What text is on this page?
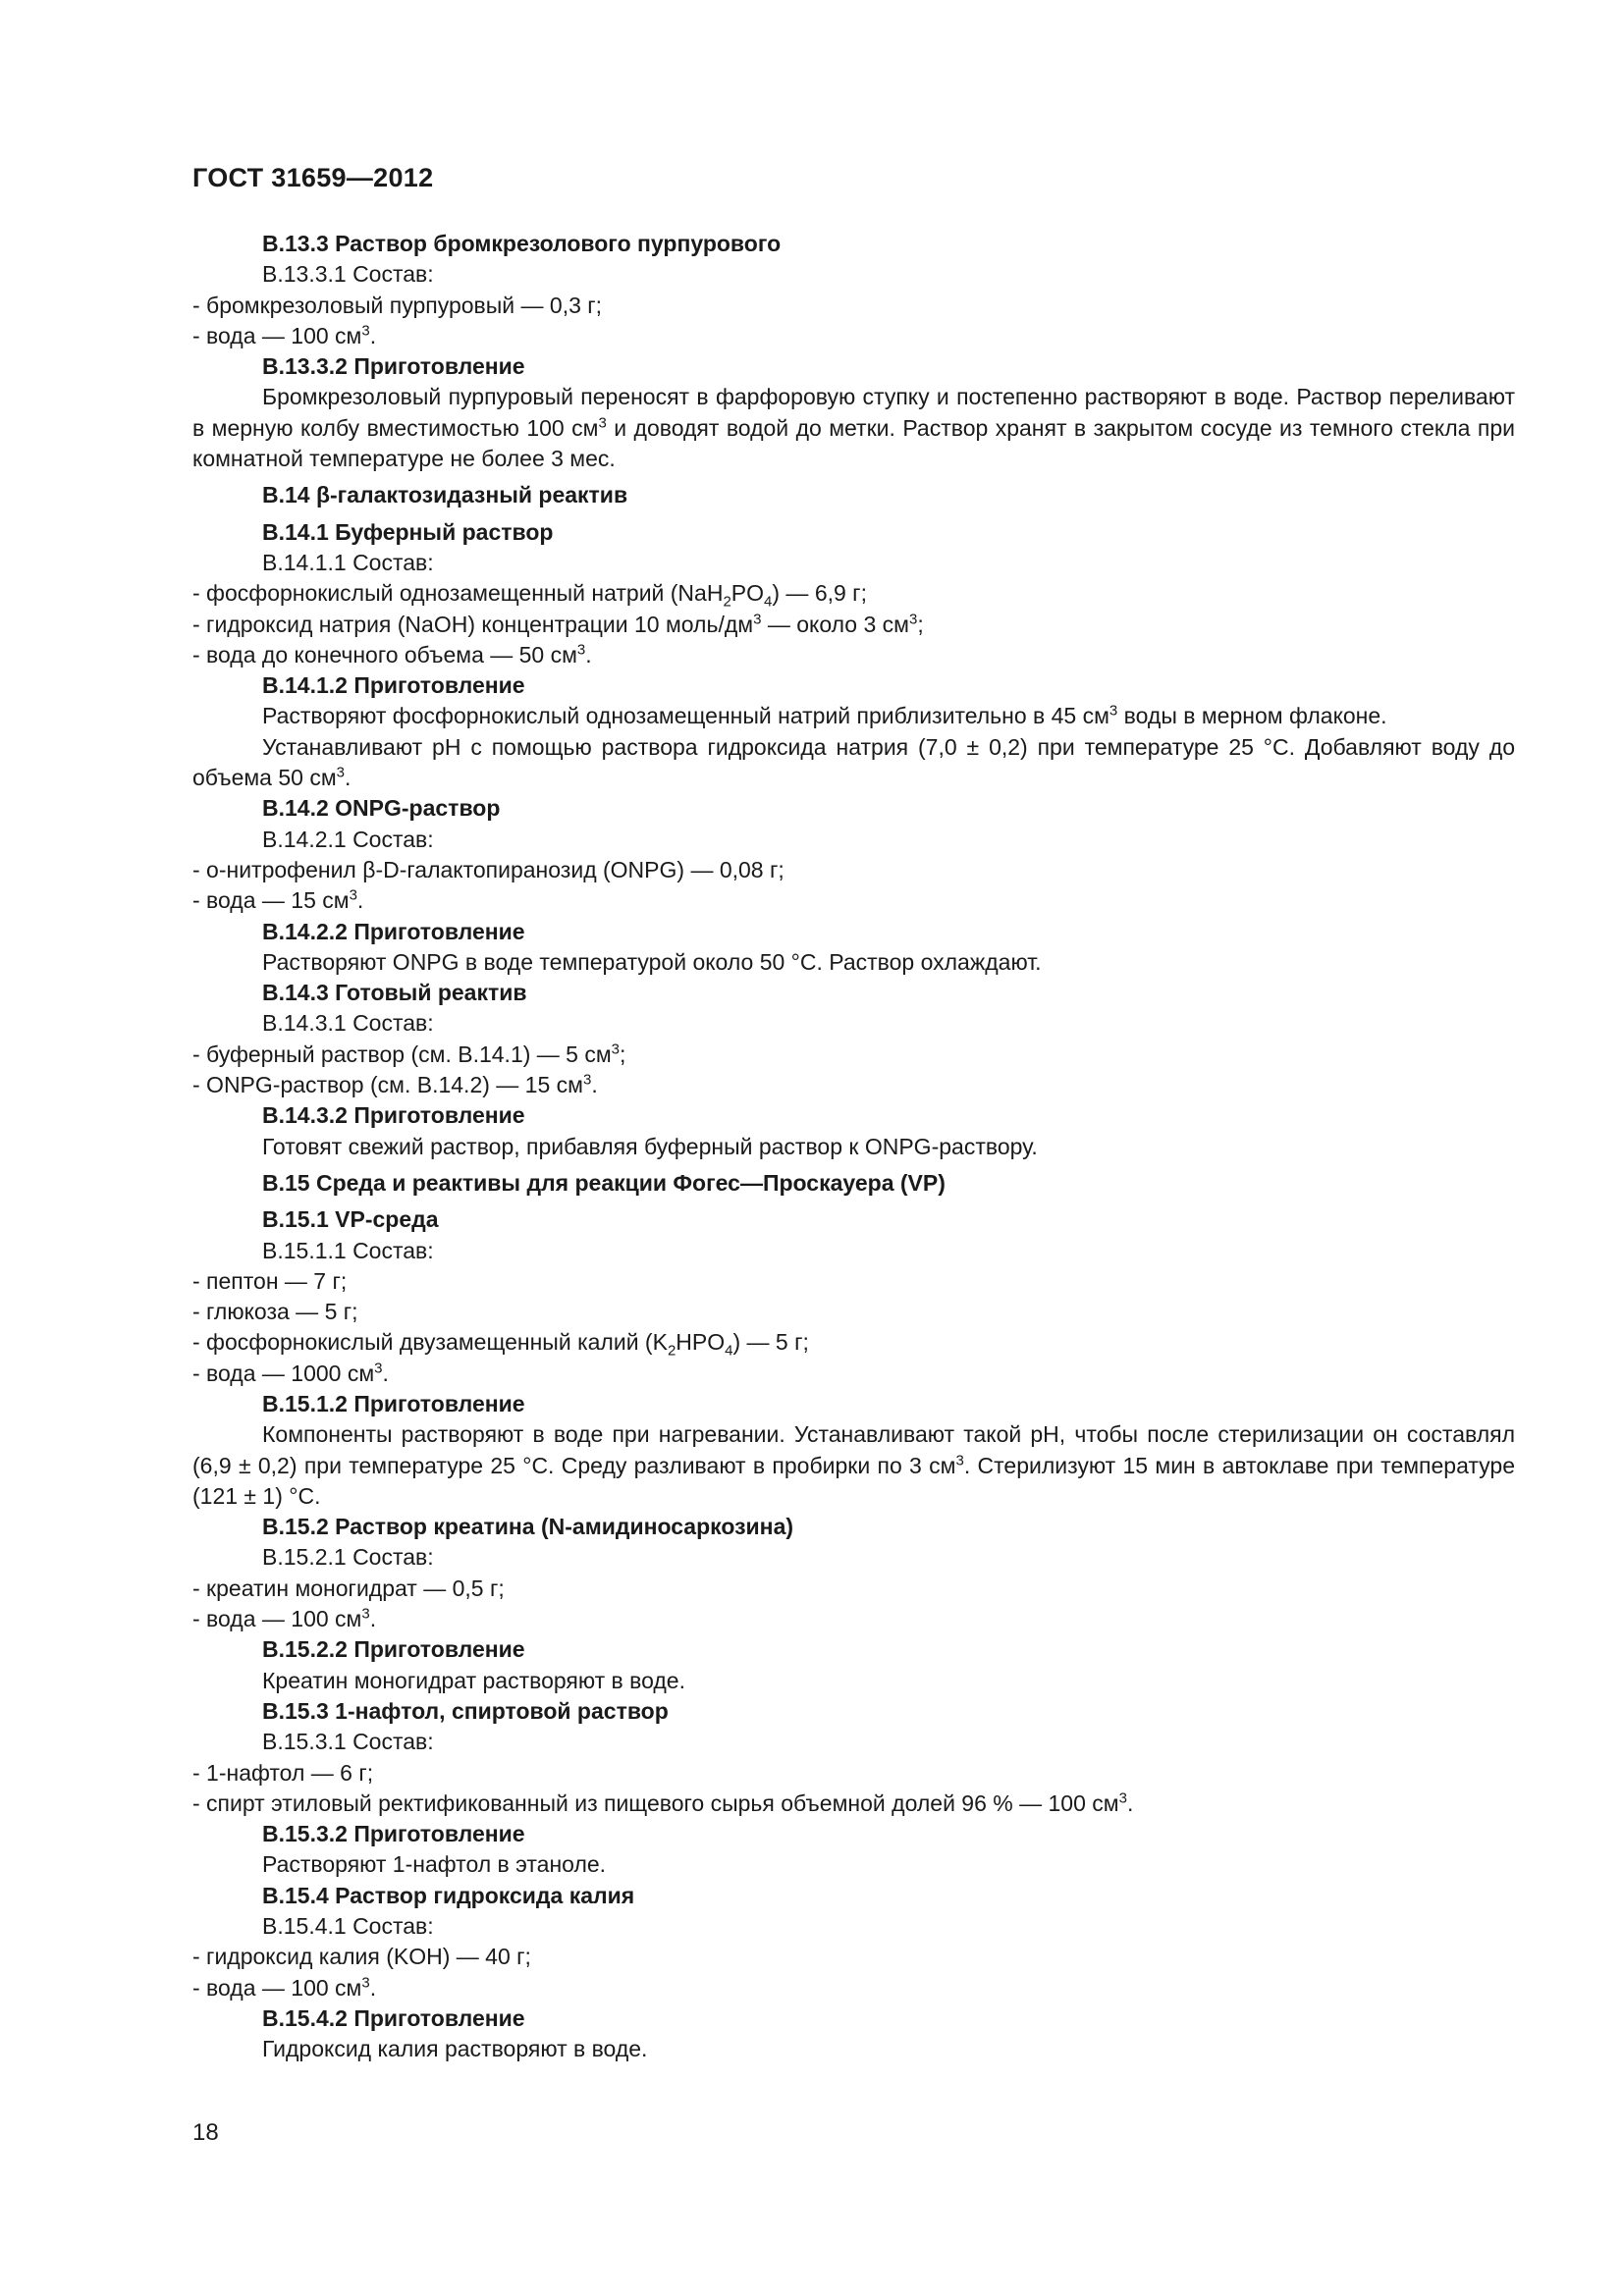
ГОСТ 31659—2012
В.13.3 Раствор бромкрезолового пурпурового
В.13.3.1 Состав:
- бромкрезоловый пурпуровый — 0,3 г;
- вода — 100 $см^3$.
В.13.3.2 Приготовление
Бромкрезоловый пурпуровый переносят в фарфоровую ступку и постепенно растворяют в воде. Раствор переливают в мерную колбу вместимостью 100 $см^3$ и доводят водой до метки. Раствор хранят в закрытом сосуде из темного стекла при комнатной температуре не более 3 мес.
В.14 β-галактозидазный реактив
В.14.1 Буферный раствор
В.14.1.1 Состав:
- фосфорнокислый однозамещенный натрий $(NaH_2PO_4)$ — 6,9 г;
- гидроксид натрия (NaOH) концентрации 10 моль/$дм^3$ — около 3 $см^3$;
- вода до конечного объема — 50 $см^3$.
В.14.1.2 Приготовление
Растворяют фосфорнокислый однозамещенный натрий приблизительно в 45 $см^3$ воды в мерном флаконе.
Устанавливают pH с помощью раствора гидроксида натрия (7,0 ± 0,2) при температуре 25 °С. Добавляют воду до объема 50 $см^3$.
В.14.2 ONPG-раствор
В.14.2.1 Состав:
- о-нитрофенил β-D-галактопиранозид (ONPG) — 0,08 г;
- вода — 15 $см^3$.
В.14.2.2 Приготовление
Растворяют ONPG в воде температурой около 50 °С. Раствор охлаждают.
В.14.3 Готовый реактив
В.14.3.1 Состав:
- буферный раствор (см. В.14.1) — 5 $см^3$;
- ONPG-раствор (см. В.14.2) — 15 $см^3$.
В.14.3.2 Приготовление
Готовят свежий раствор, прибавляя буферный раствор к ONPG-раствору.
В.15 Среда и реактивы для реакции Фогес—Проскауера (VP)
В.15.1 VP-среда
В.15.1.1 Состав:
- пептон — 7 г;
- глюкоза — 5 г;
- фосфорнокислый двузамещенный калий $(K_2HPO_4)$ — 5 г;
- вода — 1000 $см^3$.
В.15.1.2 Приготовление
Компоненты растворяют в воде при нагревании. Устанавливают такой pH, чтобы после стерилизации он составлял (6,9 ± 0,2) при температуре 25 °С. Среду разливают в пробирки по 3 $см^3$. Стерилизуют 15 мин в автоклаве при температуре (121 ± 1) °С.
В.15.2 Раствор креатина (N-амидиносаркозина)
В.15.2.1 Состав:
- креатин моногидрат — 0,5 г;
- вода — 100 $см^3$.
В.15.2.2 Приготовление
Креатин моногидрат растворяют в воде.
В.15.3 1-нафтол, спиртовой раствор
В.15.3.1 Состав:
- 1-нафтол — 6 г;
- спирт этиловый ректификованный из пищевого сырья объемной долей 96 % — 100 $см^3$.
В.15.3.2 Приготовление
Растворяют 1-нафтол в этаноле.
В.15.4 Раствор гидроксида калия
В.15.4.1 Состав:
- гидроксид калия (KOH) — 40 г;
- вода — 100 $см^3$.
В.15.4.2 Приготовление
Гидроксид калия растворяют в воде.
18
